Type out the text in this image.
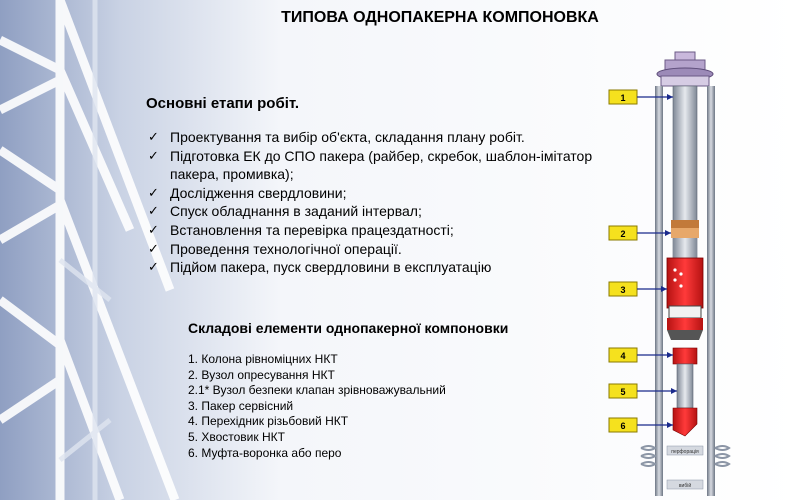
ТИПОВА ОДНОПАКЕРНА КОМПОНОВКА
Основні етапи робіт.
✓ Проектування та вибір об'єкта, складання плану робіт.
✓ Підготовка ЕК до СПО пакера (райбер, скребок, шаблон-імітатор пакера, промивка);
✓ Дослідження свердловини;
✓ Спуск обладнання в заданий інтервал;
✓ Встановлення та перевірка працездатності;
✓ Проведення технологічної операції.
✓ Підйом пакера, пуск свердловини в експлуатацію
Складові елементи однопакерної компоновки
1. Колона рівноміцних НКТ
2. Вузол опресування НКТ
2.1* Вузол безпеки клапан зрівноважувальний
3. Пакер сервісний
4. Перехідник різьбовий НКТ
5. Хвостовик НКТ
6. Муфта-воронка або перо	перфорація
вибій
1
2
3
4
5
6
